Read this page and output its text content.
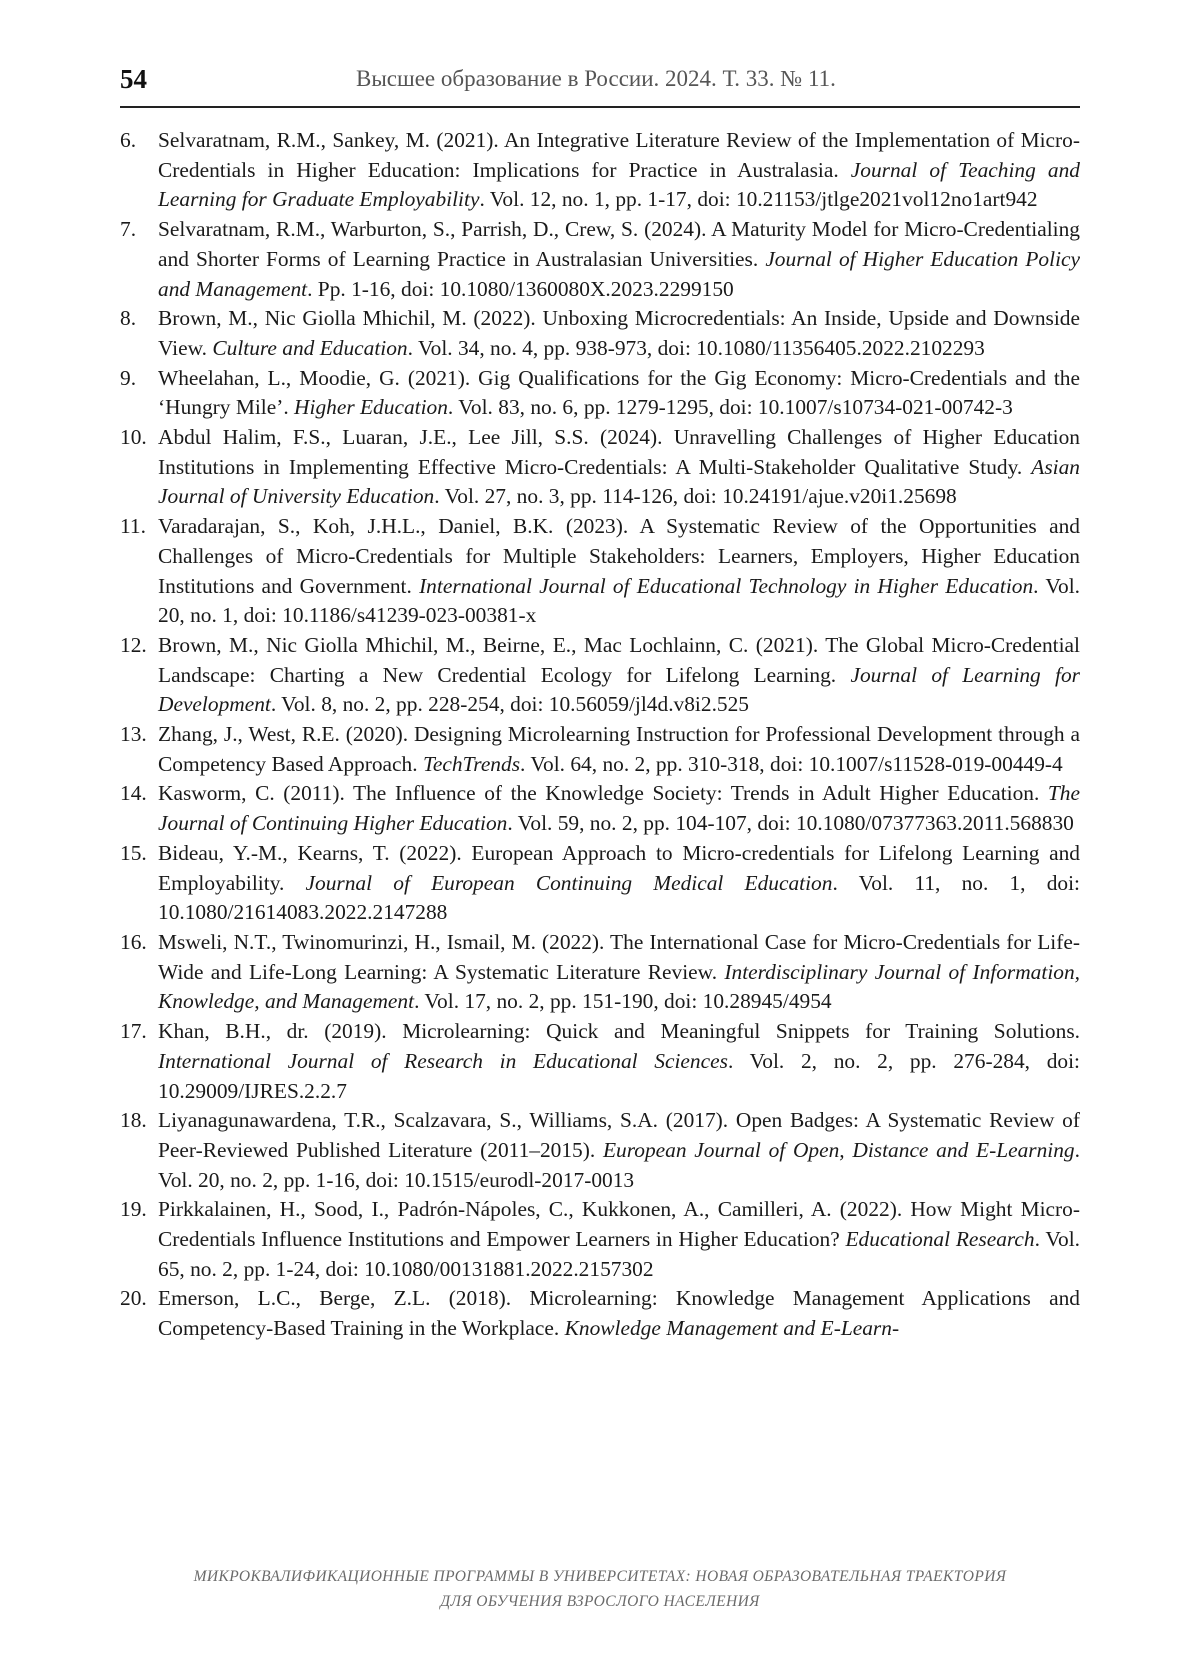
54	Высшее образование в России. 2024. Т. 33. № 11.
6.	Selvaratnam, R.M., Sankey, M. (2021). An Integrative Literature Review of the Implementation of Micro-Credentials in Higher Education: Implications for Practice in Australasia. Journal of Teaching and Learning for Graduate Employability. Vol. 12, no. 1, pp. 1-17, doi: 10.21153/jtlge2021vol12no1art942
7.	Selvaratnam, R.M., Warburton, S., Parrish, D., Crew, S. (2024). A Maturity Model for Micro-Credentialing and Shorter Forms of Learning Practice in Australasian Universities. Journal of Higher Education Policy and Management. Pp. 1-16, doi: 10.1080/1360080X.2023.2299150
8.	Brown, M., Nic Giolla Mhichil, M. (2022). Unboxing Microcredentials: An Inside, Upside and Downside View. Culture and Education. Vol. 34, no. 4, pp. 938-973, doi: 10.1080/11356405.2022.2102293
9.	Wheelahan, L., Moodie, G. (2021). Gig Qualifications for the Gig Economy: Micro-Credentials and the ‘Hungry Mile’. Higher Education. Vol. 83, no. 6, pp. 1279-1295, doi: 10.1007/s10734-021-00742-3
10. Abdul Halim, F.S., Luaran, J.E., Lee Jill, S.S. (2024). Unravelling Challenges of Higher Education Institutions in Implementing Effective Micro-Credentials: A Multi-Stakeholder Qualitative Study. Asian Journal of University Education. Vol. 27, no. 3, pp. 114-126, doi: 10.24191/ajue.v20i1.25698
11. Varadarajan, S., Koh, J.H.L., Daniel, B.K. (2023). A Systematic Review of the Opportunities and Challenges of Micro-Credentials for Multiple Stakeholders: Learners, Employers, Higher Education Institutions and Government. International Journal of Educational Technology in Higher Education. Vol. 20, no. 1, doi: 10.1186/s41239-023-00381-x
12. Brown, M., Nic Giolla Mhichil, M., Beirne, E., Mac Lochlainn, C. (2021). The Global Micro-Credential Landscape: Charting a New Credential Ecology for Lifelong Learning. Journal of Learning for Development. Vol. 8, no. 2, pp. 228-254, doi: 10.56059/jl4d.v8i2.525
13. Zhang, J., West, R.E. (2020). Designing Microlearning Instruction for Professional Development through a Competency Based Approach. TechTrends. Vol. 64, no. 2, pp. 310-318, doi: 10.1007/s11528-019-00449-4
14. Kasworm, C. (2011). The Influence of the Knowledge Society: Trends in Adult Higher Education. The Journal of Continuing Higher Education. Vol. 59, no. 2, pp. 104-107, doi: 10.1080/07377363.2011.568830
15. Bideau, Y.-M., Kearns, T. (2022). European Approach to Micro-credentials for Lifelong Learning and Employability. Journal of European Continuing Medical Education. Vol. 11, no. 1, doi: 10.1080/21614083.2022.2147288
16. Msweli, N.T., Twinomurinzi, H., Ismail, M. (2022). The International Case for Micro-Credentials for Life-Wide and Life-Long Learning: A Systematic Literature Review. Interdisciplinary Journal of Information, Knowledge, and Management. Vol. 17, no. 2, pp. 151-190, doi: 10.28945/4954
17. Khan, B.H., dr. (2019). Microlearning: Quick and Meaningful Snippets for Training Solutions. International Journal of Research in Educational Sciences. Vol. 2, no. 2, pp. 276-284, doi: 10.29009/IJRES.2.2.7
18. Liyanagunawardena, T.R., Scalzavara, S., Williams, S.A. (2017). Open Badges: A Systematic Review of Peer-Reviewed Published Literature (2011–2015). European Journal of Open, Distance and E-Learning. Vol. 20, no. 2, pp. 1-16, doi: 10.1515/eurodl-2017-0013
19. Pirkkalainen, H., Sood, I., Padrón-Nápoles, C., Kukkonen, A., Camilleri, A. (2022). How Might Micro-Credentials Influence Institutions and Empower Learners in Higher Education? Educational Research. Vol. 65, no. 2, pp. 1-24, doi: 10.1080/00131881.2022.2157302
20. Emerson, L.C., Berge, Z.L. (2018). Microlearning: Knowledge Management Applications and Competency-Based Training in the Workplace. Knowledge Management and E-Learn-
МИКРОКВАЛИФИКАЦИОННЫЕ ПРОГРАММЫ В УНИВЕРСИТЕТАХ: НОВАЯ ОБРАЗОВАТЕЛЬНАЯ ТРАЕКТОРИЯ
ДЛЯ ОБУЧЕНИЯ ВЗРОСЛОГО НАСЕЛЕНИЯ
